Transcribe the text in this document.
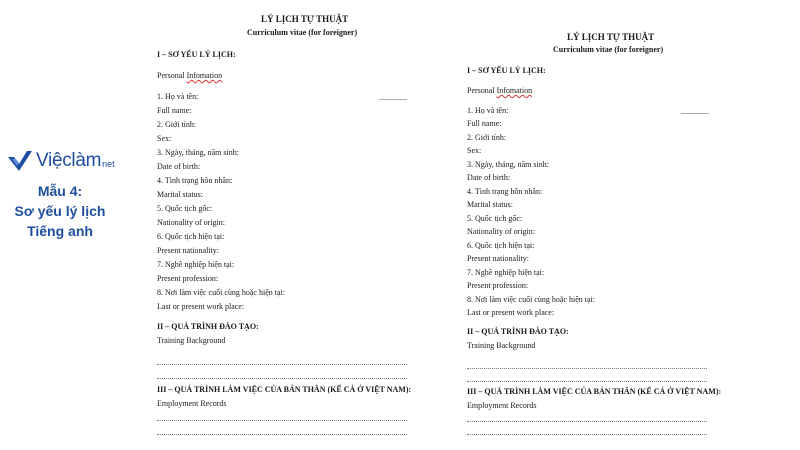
Việclàm net
Mẫu 4:
Sơ yếu lý lịch
Tiếng anh
LÝ LỊCH TỰ THUẬT
Curriculum vitae (for foreigner)
I – SƠ YẾU LÝ LỊCH:
Personal Infomation
..............
1. Họ và tên:
Full name:
2. Giới tính:
Sex:
3. Ngày, tháng, năm sinh:
Date of birth:
4. Tình trạng hôn nhân:
Marital status:
5. Quốc tịch gốc:
Nationality of origin:
6. Quốc tịch hiện tại:
Present nationality:
7. Nghề nghiệp hiện tại:
Present profession:
8. Nơi làm việc cuối cùng hoặc hiện tại:
Last or present work place:
II – QUÁ TRÌNH ĐÀO TẠO:
Training Background
III – QUÁ TRÌNH LÀM VIỆC CỦA BẢN THÂN (KỂ CẢ Ở VIỆT NAM):
Employment Records
LÝ LỊCH TỰ THUẬT
Curriculum vitae (for foreigner)
I – SƠ YẾU LÝ LỊCH:
Personal Infomation
..............
1. Họ và tên:
Full name:
2. Giới tính:
Sex:
3. Ngày, tháng, năm sinh:
Date of birth:
4. Tình trạng hôn nhân:
Marital status:
5. Quốc tịch gốc:
Nationality of origin:
6. Quốc tịch hiện tại:
Present nationality:
7. Nghề nghiệp hiện tại:
Present profession:
8. Nơi làm việc cuối cùng hoặc hiện tại:
Last or present work place:
II – QUÁ TRÌNH ĐÀO TẠO:
Training Background
III – QUÁ TRÌNH LÀM VIỆC CỦA BẢN THÂN (KỂ CẢ Ở VIỆT NAM):
Employment Records
